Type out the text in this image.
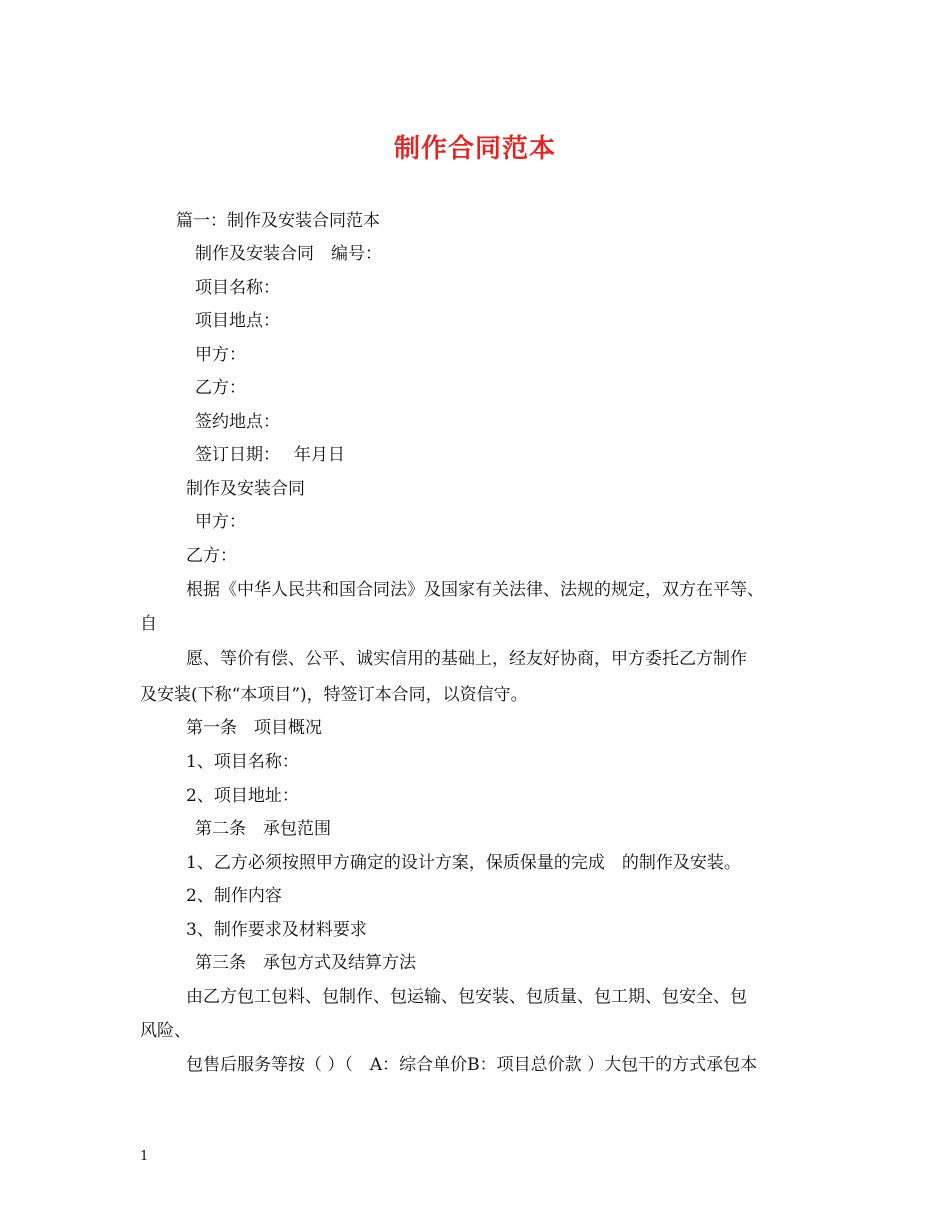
制作合同范本
篇一：制作及安装合同范本
制作及安装合同　编号：
项目名称：
项目地点：
甲方：
乙方：
签约地点：
签订日期：　 年月日
制作及安装合同
甲方：
乙方：
根据《中华人民共和国合同法》及国家有关法律、法规的规定，双方在平等、
自
愿、等价有偿、公平、诚实信用的基础上，经友好协商，甲方委托乙方制作
及安装(下称“本项目”)，特签订本合同，以资信守。
第一条　项目概况
1、项目名称：
2、项目地址：
第二条　承包范围
1、乙方必须按照甲方确定的设计方案，保质保量的完成　的制作及安装。
2、制作内容
3、制作要求及材料要求
第三条　承包方式及结算方法
由乙方包工包料、包制作、包运输、包安装、包质量、包工期、包安全、包
风险、
包售后服务等按（ ）（　A：综合单价B：项目总价款 ）大包干的方式承包本
1
